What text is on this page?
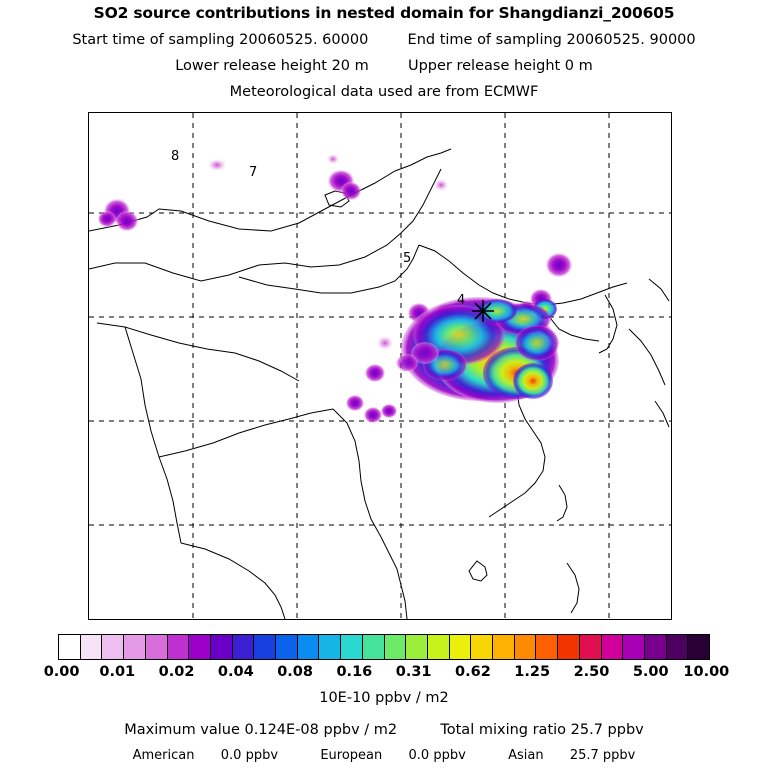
SO2 source contributions in nested domain for Shangdianzi_200605
Start time of sampling 20060525. 60000	End time of sampling 20060525. 90000
Lower release height 20 m	Upper release height 0 m
Meteorological data used are from ECMWF
8
7
5
4
0.00 0.01 0.02 0.04 0.08 0.16 0.31 0.62 1.25 2.50 5.00 10.00
10E-10 ppbv / m2
Maximum value 0.124E-08 ppbv / m2	Total mixing ratio 25.7 ppbv
American 0.0 ppbv	European 0.0 ppbv	Asian 25.7 ppbv
